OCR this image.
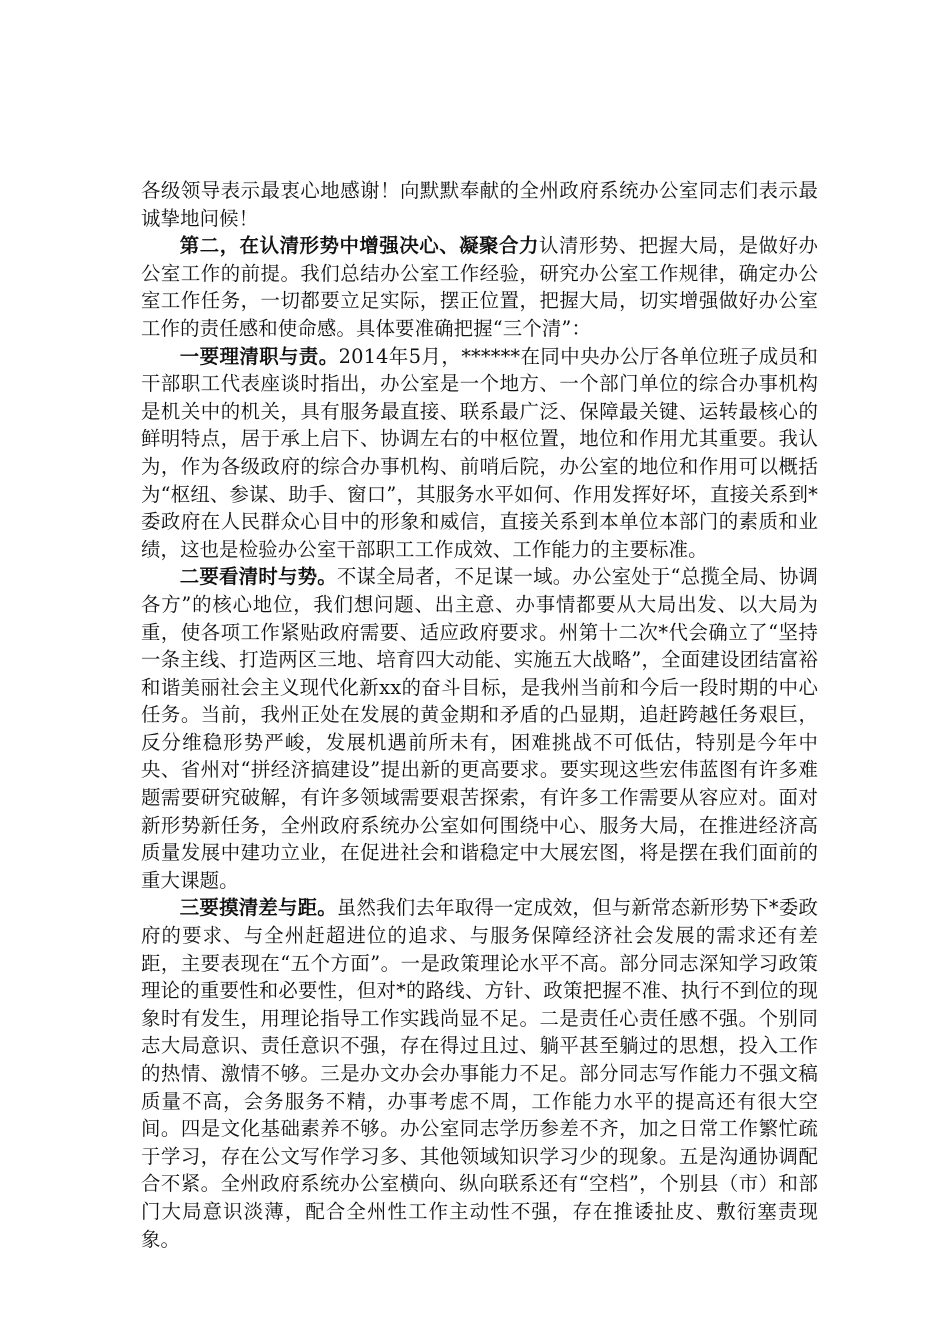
各级领导表示最衷心地感谢！向默默奉献的全州政府系统办公室同志们表示最诚挚地问候！

第二，在认清形势中增强决心、凝聚合力认清形势、把握大局，是做好办公室工作的前提。我们总结办公室工作经验，研究办公室工作规律，确定办公室工作任务，一切都要立足实际，摆正位置，把握大局，切实增强做好办公室工作的责任感和使命感。具体要准确把握“三个清”：

一要理清职与责。2014年5月，******在同中央办公厅各单位班子成员和干部职工代表座谈时指出，办公室是一个地方、一个部门单位的综合办事机构是机关中的机关，具有服务最直接、联系最广泛、保障最关键、运转最核心的鲜明特点，居于承上启下、协调左右的中枢位置，地位和作用尤其重要。我认为，作为各级政府的综合办事机构、前哨后院，办公室的地位和作用可以概括为“枢纽、参谋、助手、窗口”，其服务水平如何、作用发挥好坏，直接关系到*委政府在人民群众心目中的形象和威信，直接关系到本单位本部门的素质和业绩，这也是检验办公室干部职工工作成效、工作能力的主要标准。

二要看清时与势。不谋全局者，不足谋一域。办公室处于“总揽全局、协调各方”的核心地位，我们想问题、出主意、办事情都要从大局出发、以大局为重，使各项工作紧贴政府需要、适应政府要求。州第十二次*代会确立了“坚持一条主线、打造两区三地、培育四大动能、实施五大战略”，全面建设团结富裕和谐美丽社会主义现代化新xx的奋斗目标，是我州当前和今后一段时期的中心任务。当前，我州正处在发展的黄金期和矛盾的凸显期，追赶跨越任务艰巨，反分维稳形势严峻，发展机遇前所未有，困难挑战不可低估，特别是今年中央、省州对“拼经济搞建设”提出新的更高要求。要实现这些宏伟蓝图有许多难题需要研究破解，有许多领域需要艰苦探索，有许多工作需要从容应对。面对新形势新任务，全州政府系统办公室如何围绕中心、服务大局，在推进经济高质量发展中建功立业，在促进社会和谐稳定中大展宏图，将是摆在我们面前的重大课题。

三要摸清差与距。虽然我们去年取得一定成效，但与新常态新形势下*委政府的要求、与全州赶超进位的追求、与服务保障经济社会发展的需求还有差距，主要表现在“五个方面”。一是政策理论水平不高。部分同志深知学习政策理论的重要性和必要性，但对*的路线、方针、政策把握不准、执行不到位的现象时有发生，用理论指导工作实践尚显不足。二是责任心责任感不强。个别同志大局意识、责任意识不强，存在得过且过、躺平甚至躺过的思想，投入工作的热情、激情不够。三是办文办会办事能力不足。部分同志写作能力不强文稿质量不高，会务服务不精，办事考虑不周，工作能力水平的提高还有很大空间。四是文化基础素养不够。办公室同志学历参差不齐，加之日常工作繁忙疏于学习，存在公文写作学习多、其他领域知识学习少的现象。五是沟通协调配合不紧。全州政府系统办公室横向、纵向联系还有“空档”，个别县（市）和部门大局意识淡薄，配合全州性工作主动性不强，存在推诿扯皮、敷衍塞责现象。
